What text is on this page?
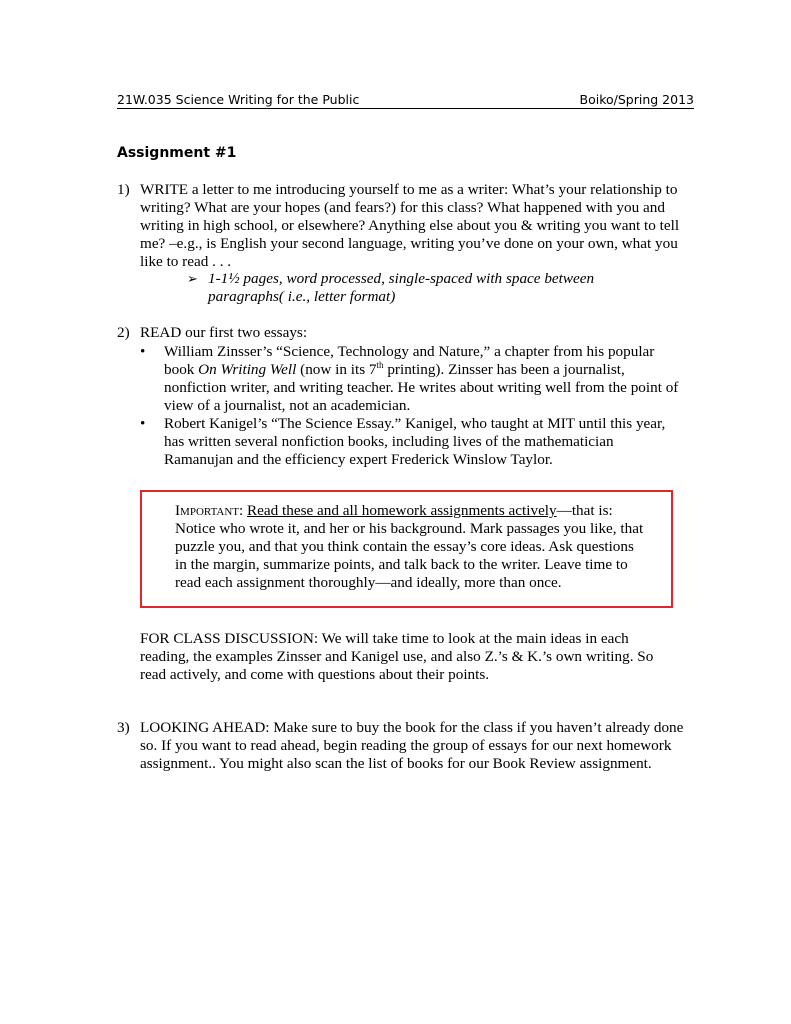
21W.035 Science Writing for the Public	Boiko/Spring 2013
Assignment #1
1) WRITE a letter to me introducing yourself to me as a writer: What’s your relationship to writing? What are your hopes (and fears?) for this class? What happened with you and writing in high school, or elsewhere? Anything else about you & writing you want to tell me? –e.g., is English your second language, writing you’ve done on your own, what you like to read . . .
➢ 1-1½ pages, word processed, single-spaced with space between paragraphs( i.e., letter format)
2) READ our first two essays:
• William Zinsser’s “Science, Technology and Nature,” a chapter from his popular book On Writing Well (now in its 7th printing). Zinsser has been a journalist, nonfiction writer, and writing teacher. He writes about writing well from the point of view of a journalist, not an academician.
• Robert Kanigel’s “The Science Essay.” Kanigel, who taught at MIT until this year, has written several nonfiction books, including lives of the mathematician Ramanujan and the efficiency expert Frederick Winslow Taylor.
Important: Read these and all homework assignments actively—that is: Notice who wrote it, and her or his background. Mark passages you like, that puzzle you, and that you think contain the essay’s core ideas. Ask questions in the margin, summarize points, and talk back to the writer. Leave time to read each assignment thoroughly—and ideally, more than once.
FOR CLASS DISCUSSION: We will take time to look at the main ideas in each reading, the examples Zinsser and Kanigel use, and also Z.’s & K.’s own writing. So read actively, and come with questions about their points.
3) LOOKING AHEAD: Make sure to buy the book for the class if you haven’t already done so. If you want to read ahead, begin reading the group of essays for our next homework assignment.. You might also scan the list of books for our Book Review assignment.
